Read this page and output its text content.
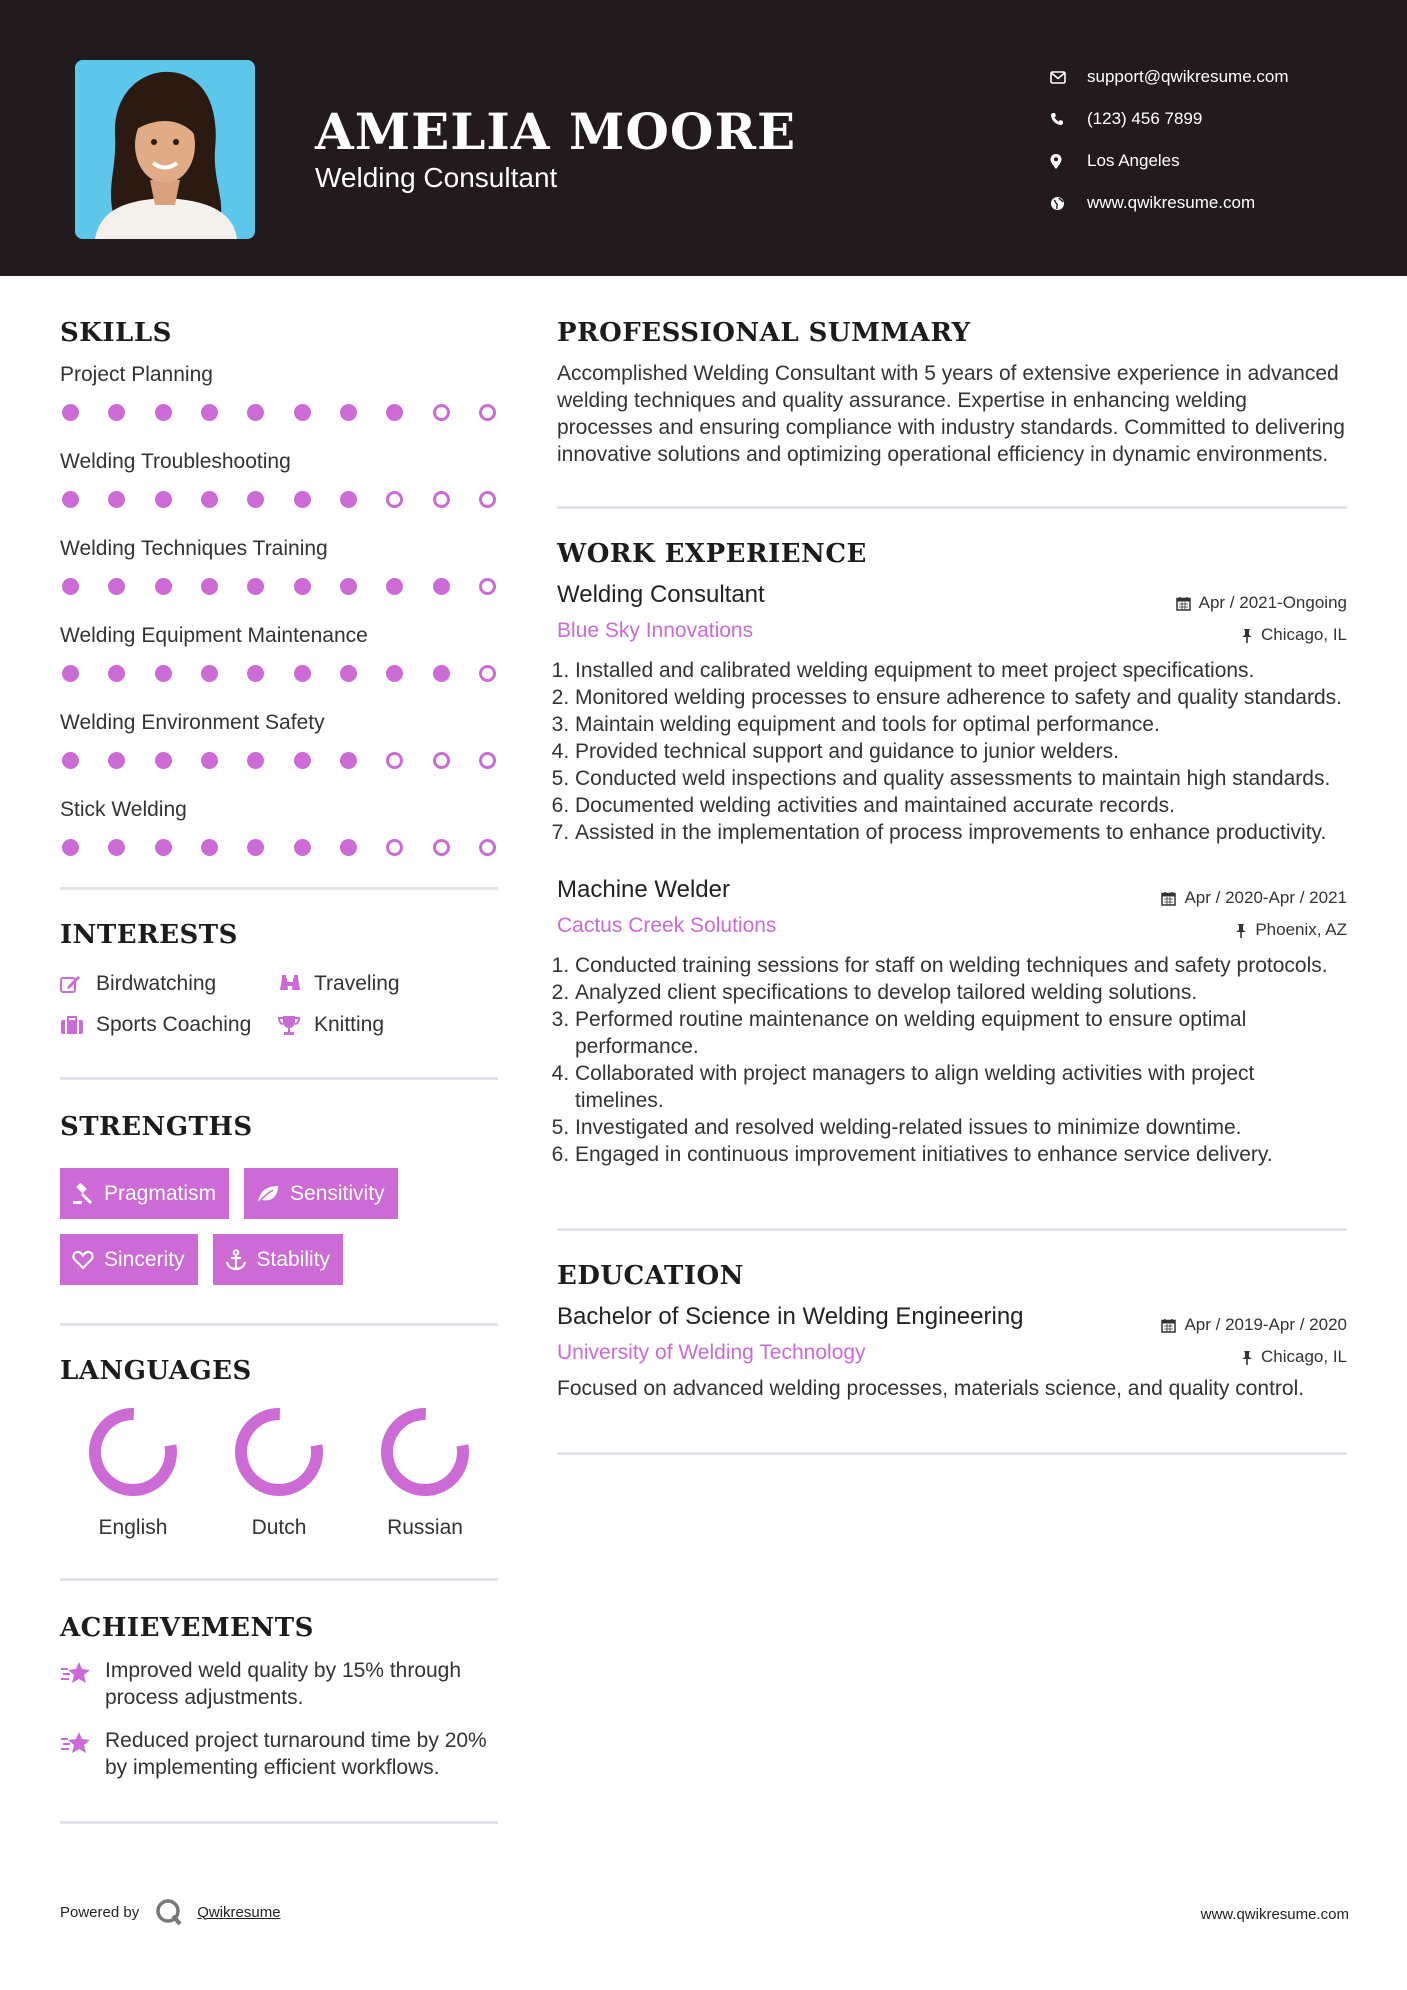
AMELIA MOORE
Welding Consultant
support@qwikresume.com
(123) 456 7899
Los Angeles
www.qwikresume.com
SKILLS
Project Planning
Welding Troubleshooting
Welding Techniques Training
Welding Equipment Maintenance
Welding Environment Safety
Stick Welding
INTERESTS
Birdwatching	Traveling
Sports Coaching	Knitting
STRENGTHS
Pragmatism	Sensitivity
Sincerity	Stability
LANGUAGES
English	Dutch	Russian
ACHIEVEMENTS
Improved weld quality by 15% through process adjustments.
Reduced project turnaround time by 20% by implementing efficient workflows.
PROFESSIONAL SUMMARY
Accomplished Welding Consultant with 5 years of extensive experience in advanced welding techniques and quality assurance. Expertise in enhancing welding processes and ensuring compliance with industry standards. Committed to delivering innovative solutions and optimizing operational efficiency in dynamic environments.
WORK EXPERIENCE
Welding Consultant
Blue Sky Innovations
Apr / 2021-Ongoing
Chicago, IL
1. Installed and calibrated welding equipment to meet project specifications.
2. Monitored welding processes to ensure adherence to safety and quality standards.
3. Maintain welding equipment and tools for optimal performance.
4. Provided technical support and guidance to junior welders.
5. Conducted weld inspections and quality assessments to maintain high standards.
6. Documented welding activities and maintained accurate records.
7. Assisted in the implementation of process improvements to enhance productivity.
Machine Welder
Cactus Creek Solutions
Apr / 2020-Apr / 2021
Phoenix, AZ
1. Conducted training sessions for staff on welding techniques and safety protocols.
2. Analyzed client specifications to develop tailored welding solutions.
3. Performed routine maintenance on welding equipment to ensure optimal performance.
4. Collaborated with project managers to align welding activities with project timelines.
5. Investigated and resolved welding-related issues to minimize downtime.
6. Engaged in continuous improvement initiatives to enhance service delivery.
EDUCATION
Bachelor of Science in Welding Engineering
University of Welding Technology
Apr / 2019-Apr / 2020
Chicago, IL
Focused on advanced welding processes, materials science, and quality control.
Powered by	Qwikresume	www.qwikresume.com
